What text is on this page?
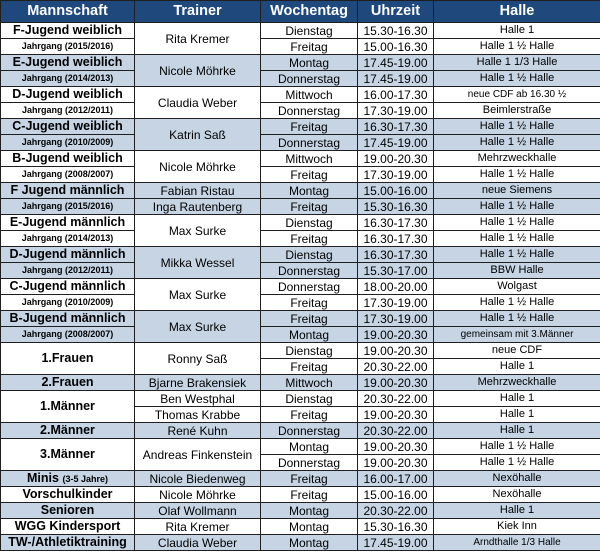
Mannschaft	Trainer	Wochentag	Uhrzeit	Halle
F-Jugend weiblich	Rita Kremer	Dienstag	15.30-16.30	Halle 1
Jahrgang (2015/2016)		Freitag	15.00-16.30	Halle 1 ½ Halle
E-Jugend weiblich	Nicole Möhrke	Montag	17.45-19.00	Halle 1 1/3 Halle
Jahrgang (2014/2013)		Donnerstag	17.45-19.00	Halle 1 ½ Halle
D-Jugend weiblich	Claudia Weber	Mittwoch	16.00-17.30	neue CDF ab 16.30 ½
Jahrgang (2012/2011)		Donnerstag	17.30-19.00	Beimlerstraße
C-Jugend weiblich	Katrin Saß	Freitag	16.30-17.30	Halle 1 ½ Halle
Jahrgang (2010/2009)		Donnerstag	17.45-19.00	Halle 1 ½ Halle
B-Jugend weiblich	Nicole Möhrke	Mittwoch	19.00-20.30	Mehrzweckhalle
Jahrgang (2008/2007)		Freitag	17.30-19.00	Halle 1 ½ Halle
F Jugend männlich	Fabian Ristau	Montag	15.00-16.00	neue Siemens
Jahrgang (2015/2016)	Inga Rautenberg	Freitag	15.30-16.30	Halle 1 ½ Halle
E-Jugend männlich	Max Surke	Dienstag	16.30-17.30	Halle 1 ½ Halle
Jahrgang (2014/2013)		Freitag	16.30-17.30	Halle 1 ½ Halle
D-Jugend männlich	Mikka Wessel	Dienstag	16.30-17.30	Halle 1 ½ Halle
Jahrgang (2012/2011)		Donnerstag	15.30-17.00	BBW Halle
C-Jugend männlich	Max Surke	Donnerstag	18.00-20.00	Wolgast
Jahrgang (2010/2009)		Freitag	17.30-19.00	Halle 1 ½ Halle
B-Jugend männlich	Max Surke	Freitag	17.30-19.00	Halle 1 ½ Halle
Jahrgang (2008/2007)		Montag	19.00-20.30	gemeinsam mit 3.Männer
1.Frauen	Ronny Saß	Dienstag	19.00-20.30	neue CDF
		Freitag	20.30-22.00	Halle 1
2.Frauen	Bjarne Brakensiek	Mittwoch	19.00-20.30	Mehrzweckhalle
1.Männer	Ben Westphal	Dienstag	20.30-22.00	Halle 1
	Thomas Krabbe	Freitag	19.00-20.30	Halle 1
2.Männer	René Kuhn	Donnerstag	20.30-22.00	Halle 1
3.Männer	Andreas Finkenstein	Montag	19.00-20.30	Halle 1 ½ Halle
		Donnerstag	19.00-20.30	Halle 1 ½ Halle
Minis (3-5 Jahre)	Nicole Biedenweg	Freitag	16.00-17.00	Nexöhalle
Vorschulkinder	Nicole Möhrke	Freitag	15.00-16.00	Nexöhalle
Senioren	Olaf Wollmann	Montag	20.30-22.00	Halle 1
WGG Kindersport	Rita Kremer	Montag	15.30-16.30	Kiek Inn
TW-/Athletiktraining	Claudia Weber	Montag	17.45-19.00	Arndthalle 1/3 Halle
